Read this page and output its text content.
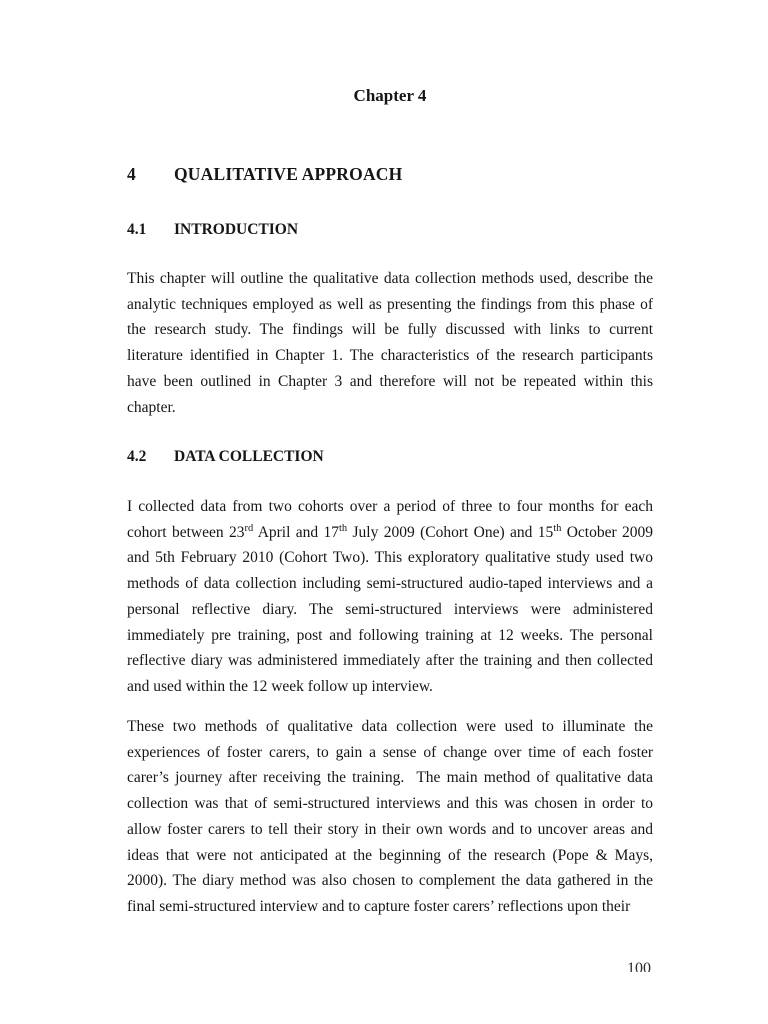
Chapter 4
4 QUALITATIVE APPROACH
4.1 INTRODUCTION

This chapter will outline the qualitative data collection methods used, describe the analytic techniques employed as well as presenting the findings from this phase of the research study. The findings will be fully discussed with links to current literature identified in Chapter 1. The characteristics of the research participants have been outlined in Chapter 3 and therefore will not be repeated within this chapter.

4.2 DATA COLLECTION

I collected data from two cohorts over a period of three to four months for each cohort between 23rd April and 17th July 2009 (Cohort One) and 15th October 2009 and 5th February 2010 (Cohort Two). This exploratory qualitative study used two methods of data collection including semi-structured audio-taped interviews and a personal reflective diary. The semi-structured interviews were administered immediately pre training, post and following training at 12 weeks. The personal reflective diary was administered immediately after the training and then collected and used within the 12 week follow up interview.

These two methods of qualitative data collection were used to illuminate the experiences of foster carers, to gain a sense of change over time of each foster carer’s journey after receiving the training.  The main method of qualitative data collection was that of semi-structured interviews and this was chosen in order to allow foster carers to tell their story in their own words and to uncover areas and ideas that were not anticipated at the beginning of the research (Pope & Mays, 2000). The diary method was also chosen to complement the data gathered in the final semi-structured interview and to capture foster carers’ reflections upon their

100
